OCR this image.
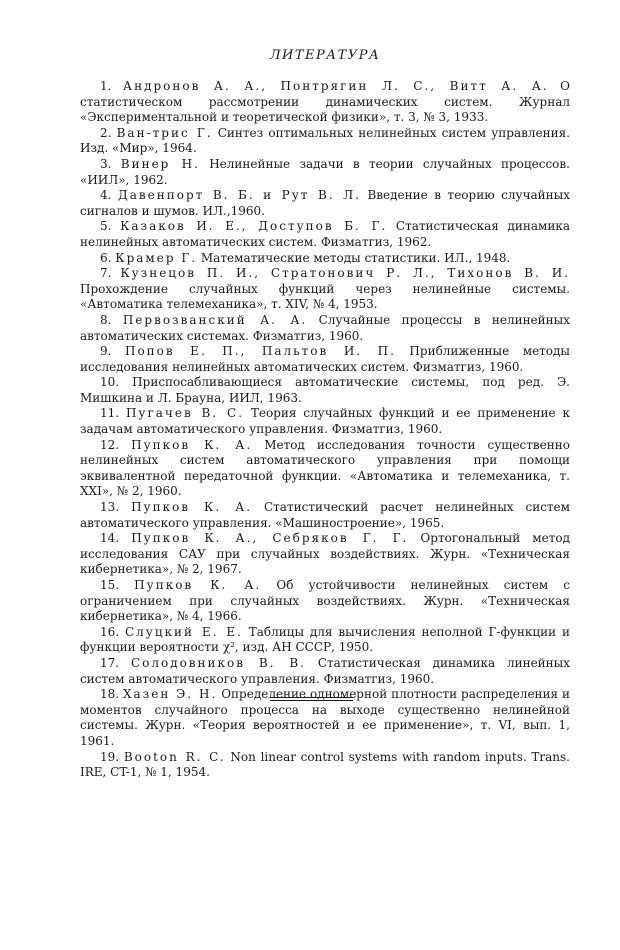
ЛИТЕРАТУРА

1. Андронов А. А., Понтрягин Л. С., Витт А. А. О статистическом рассмотрении динамических систем. Журнал «Экспериментальной и теоретической физики», т. 3, № 3, 1933.

2. Ван-трис Г. Синтез оптимальных нелинейных систем управления. Изд. «Мир», 1964.

3. Винер Н. Нелинейные задачи в теории случайных процессов. «ИИЛ», 1962.

4. Давенпорт В. Б. и Рут В. Л. Введение в теорию случайных сигналов и шумов. ИЛ.,1960.

5. Казаков И. Е., Доступов Б. Г. Статистическая динамика нелинейных автоматических систем. Физматгиз, 1962.

6. Крамер Г. Математические методы статистики. ИЛ., 1948.

7. Кузнецов П. И., Стратонович Р. Л., Тихонов В. И. Прохождение случайных функций через нелинейные системы. «Автоматика телемеханика», т. XIV, № 4, 1953.

8. Первозванский А. А. Случайные процессы в нелинейных автоматических системах. Физматгиз, 1960.

9. Попов Е. П., Пальтов И. П. Приближенные методы исследования нелинейных автоматических систем. Физматгиз, 1960.

10. Приспосабливающиеся автоматические системы, под ред. Э. Мишкина и Л. Брауна, ИИЛ, 1963.

11. Пугачев В. С. Теория случайных функций и ее применение к задачам автоматического управления. Физматгиз, 1960.

12. Пупков К. А. Метод исследования точности существенно нелинейных систем автоматического управления при помощи эквивалентной передаточной функции. «Автоматика и телемеханика, т. XXI», № 2, 1960.

13. Пупков К. А. Статистический расчет нелинейных систем автоматического управления. «Машиностроение», 1965.

14. Пупков К. А., Себряков Г. Г. Ортогональный метод исследования САУ при случайных воздействиях. Журн. «Техническая кибернетика», № 2, 1967.

15. Пупков К. А. Об устойчивости нелинейных систем с ограничением при случайных воздействиях. Журн. «Техническая кибернетика», № 4, 1966.

16. Слуцкий Е. Е. Таблицы для вычисления неполной Г-функции и функции вероятности χ², изд. АН СССР, 1950.

17. Солодовников В. В. Статистическая динамика линейных систем автоматического управления. Физматгиз, 1960.

18. Хазен Э. Н. Определение одномерной плотности распределения и моментов случайного процесса на выходе существенно нелинейной системы. Журн. «Теория вероятностей и ее применение», т. VI, вып. 1, 1961.

19. Bootоn R. C. Non linear control systems with random inputs. Trans. IRE, CT-1, № 1, 1954.
